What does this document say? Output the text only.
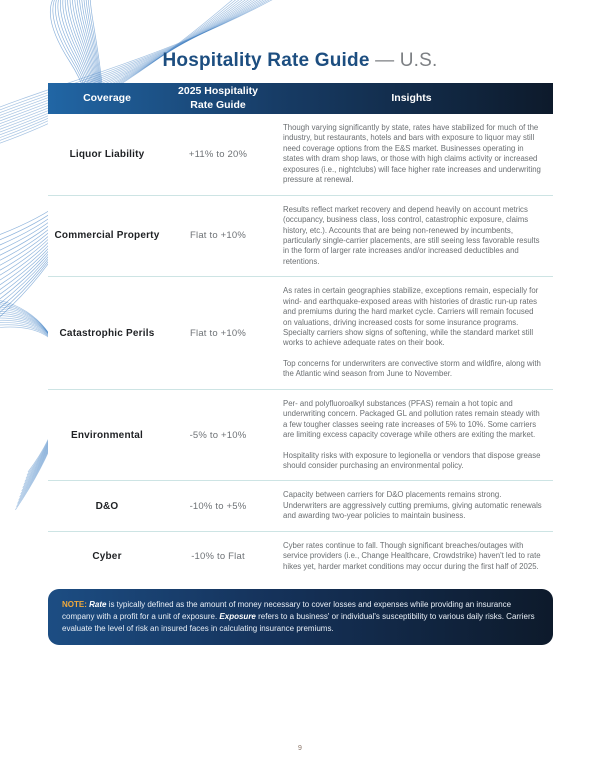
Hospitality Rate Guide — U.S.
Coverage
2025 Hospitality Rate Guide
Insights
Liquor Liability	+11% to 20%

Though varying significantly by state, rates have stabilized for much of the industry, but restaurants, hotels and bars with exposure to liquor may still need coverage options from the E&S market. Businesses operating in states with dram shop laws, or those with high claims activity or increased exposures (i.e., nightclubs) will face higher rate increases and underwriting pressure at renewal.

Commercial Property	Flat to +10%

Results reflect market recovery and depend heavily on account metrics (occupancy, business class, loss control, catastrophic exposure, claims history, etc.). Accounts that are being non-renewed by incumbents, particularly single-carrier placements, are still seeing less favorable results in the form of larger rate increases and/or increased deductibles and retentions.

Catastrophic Perils	Flat to +10%

As rates in certain geographies stabilize, exceptions remain, especially for wind- and earthquake-exposed areas with histories of drastic run-up rates and premiums during the hard market cycle. Carriers will remain focused on valuations, driving increased costs for some insurance programs. Specialty carriers show signs of softening, while the standard market still works to achieve adequate rates on their book.

Top concerns for underwriters are convective storm and wildfire, along with the Atlantic wind season from June to November.

Environmental	-5% to +10%

Per- and polyfluoroalkyl substances (PFAS) remain a hot topic and underwriting concern. Packaged GL and pollution rates remain steady with a few tougher classes seeing rate increases of 5% to 10%. Some carriers are limiting excess capacity coverage while others are exiting the market.

Hospitality risks with exposure to legionella or vendors that dispose grease should consider purchasing an environmental policy.

D&O	-10% to +5%

Capacity between carriers for D&O placements remains strong. Underwriters are aggressively cutting premiums, giving automatic renewals and awarding two-year policies to maintain business.

Cyber	-10% to Flat

Cyber rates continue to fall. Though significant breaches/outages with service providers (i.e., Change Healthcare, Crowdstrike) haven't led to rate hikes yet, harder market conditions may occur during the first half of 2025.

NOTE: Rate is typically defined as the amount of money necessary to cover losses and expenses while providing an insurance company with a profit for a unit of exposure. Exposure refers to a business' or individual's susceptibility to various daily risks. Carriers evaluate the level of risk an insured faces in calculating insurance premiums.
9
